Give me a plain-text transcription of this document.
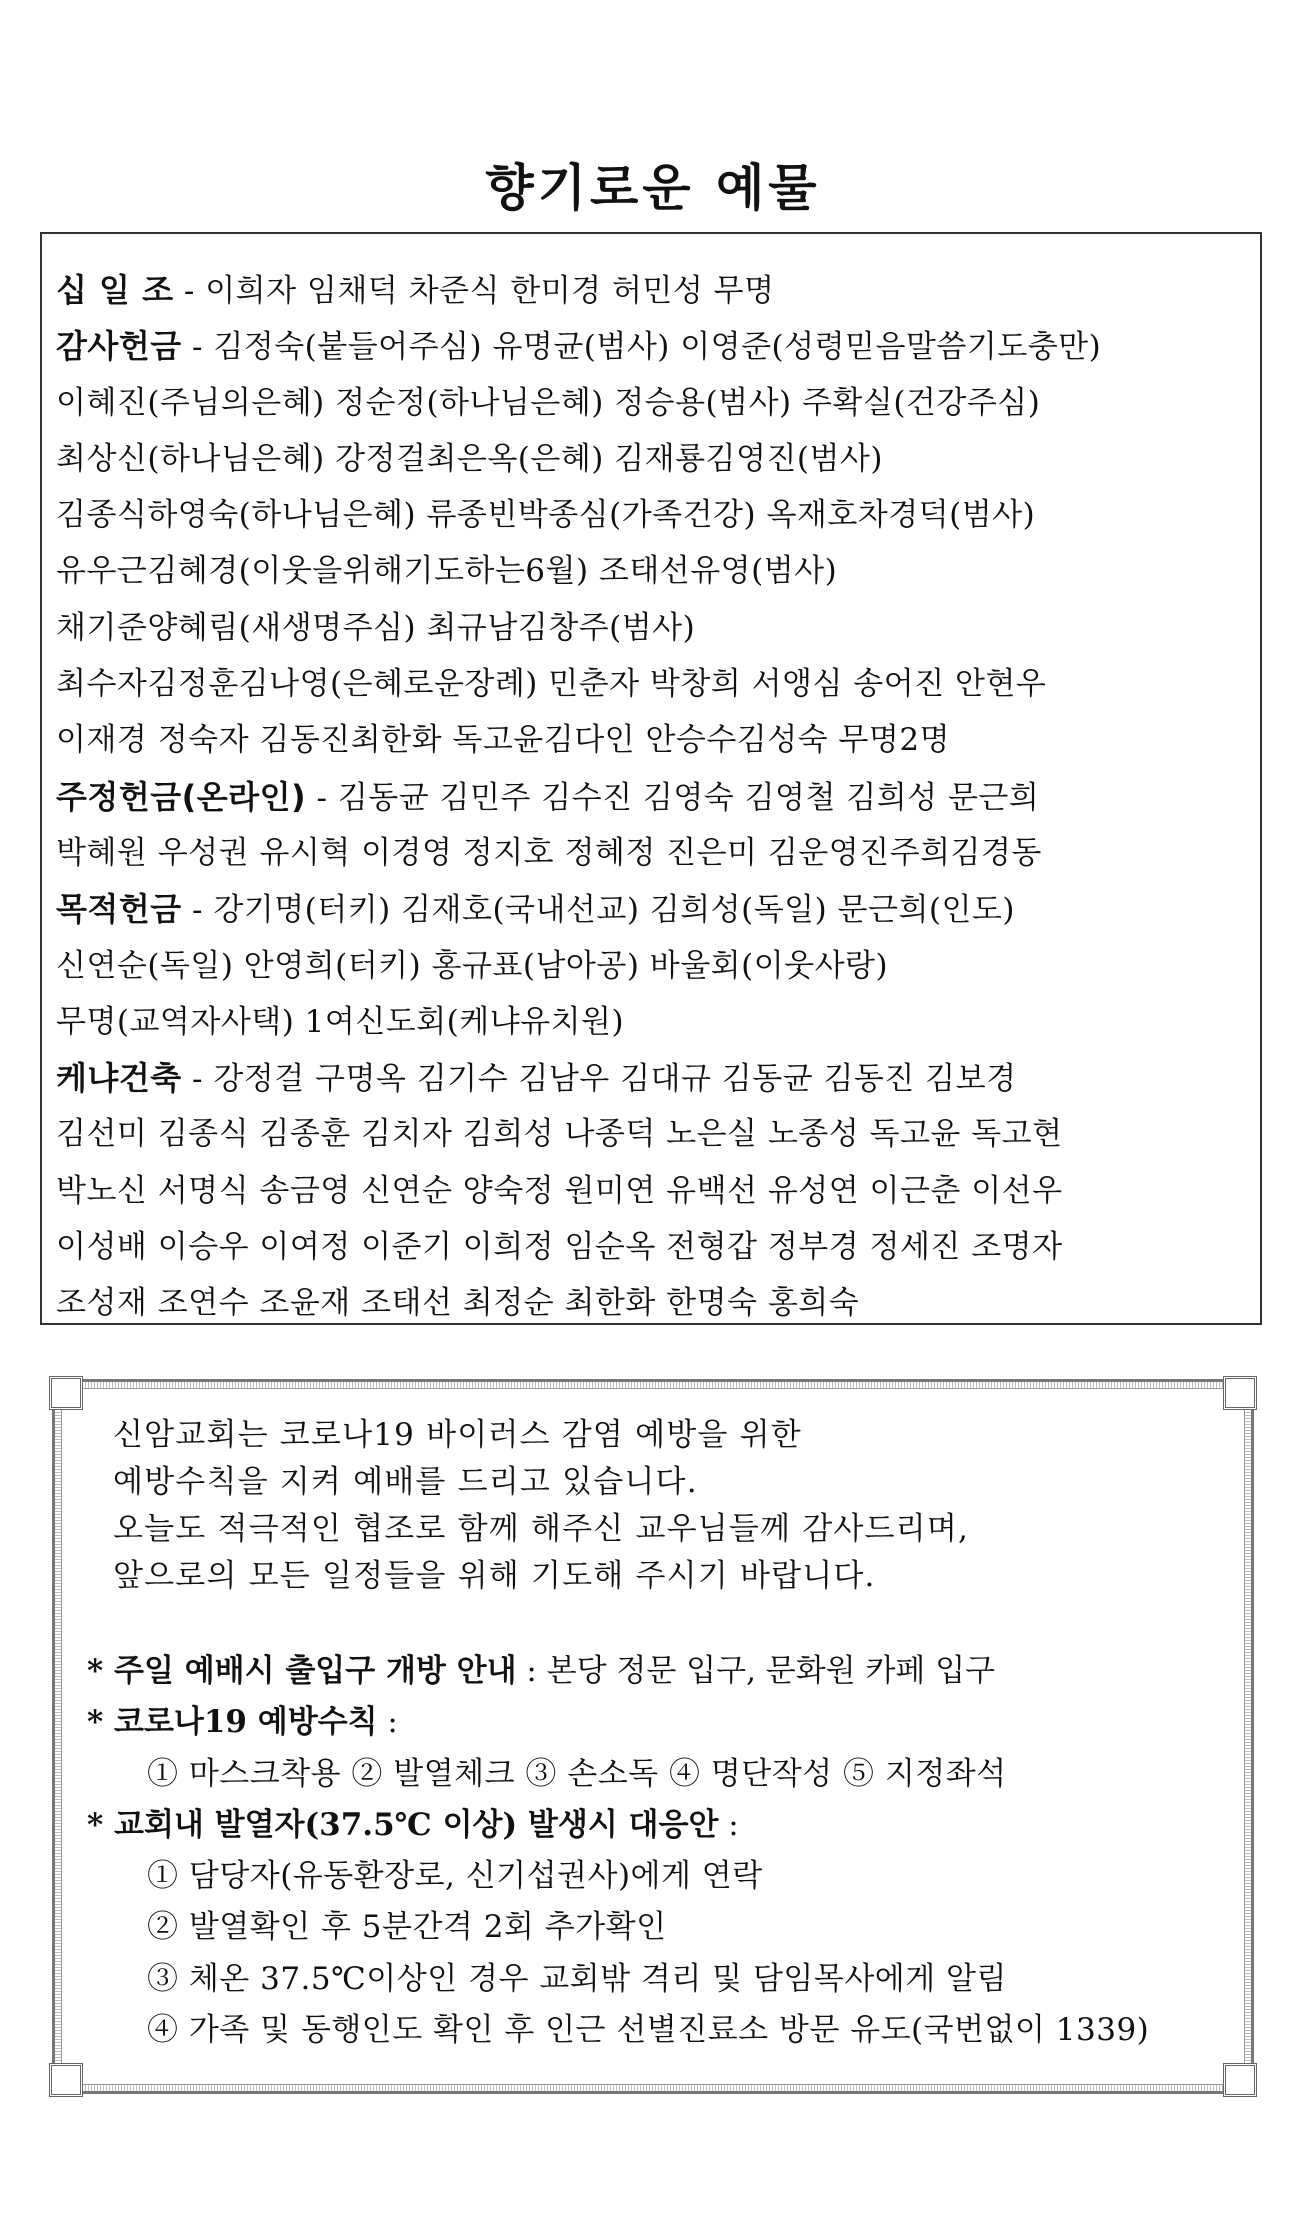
향기로운 예물
십 일 조 - 이희자 임채덕 차준식 한미경 허민성 무명
감사헌금 - 김정숙(붙들어주심) 유명균(범사) 이영준(성령믿음말씀기도충만)
이혜진(주님의은혜) 정순정(하나님은혜) 정승용(범사) 주확실(건강주심)
최상신(하나님은혜) 강정걸최은옥(은혜) 김재룡김영진(범사)
김종식하영숙(하나님은혜) 류종빈박종심(가족건강) 옥재호차경덕(범사)
유우근김혜경(이웃을위해기도하는6월) 조태선유영(범사)
채기준양혜림(새생명주심) 최규남김창주(범사)
최수자김정훈김나영(은혜로운장례) 민춘자 박창희 서앵심 송어진 안현우
이재경 정숙자 김동진최한화 독고윤김다인 안승수김성숙 무명2명
주정헌금(온라인) - 김동균 김민주 김수진 김영숙 김영철 김희성 문근희
박혜원 우성권 유시혁 이경영 정지호 정혜정 진은미 김운영진주희김경동
목적헌금 - 강기명(터키) 김재호(국내선교) 김희성(독일) 문근희(인도)
신연순(독일) 안영희(터키) 홍규표(남아공) 바울회(이웃사랑)
무명(교역자사택) 1여신도회(케냐유치원)
케냐건축 - 강정걸 구명옥 김기수 김남우 김대규 김동균 김동진 김보경
김선미 김종식 김종훈 김치자 김희성 나종덕 노은실 노종성 독고윤 독고현
박노신 서명식 송금영 신연순 양숙정 원미연 유백선 유성연 이근춘 이선우
이성배 이승우 이여정 이준기 이희정 임순옥 전형갑 정부경 정세진 조명자
조성재 조연수 조윤재 조태선 최정순 최한화 한명숙 홍희숙
신암교회는 코로나19 바이러스 감염 예방을 위한
예방수칙을 지켜 예배를 드리고 있습니다.
오늘도 적극적인 협조로 함께 해주신 교우님들께 감사드리며,
앞으로의 모든 일정들을 위해 기도해 주시기 바랍니다.
* 주일 예배시 출입구 개방 안내 : 본당 정문 입구, 문화원 카페 입구
* 코로나19 예방수칙 :
① 마스크착용 ② 발열체크 ③ 손소독 ④ 명단작성 ⑤ 지정좌석
* 교회내 발열자(37.5℃ 이상) 발생시 대응안 :
① 담당자(유동환장로, 신기섭권사)에게 연락
② 발열확인 후 5분간격 2회 추가확인
③ 체온 37.5℃이상인 경우 교회밖 격리 및 담임목사에게 알림
④ 가족 및 동행인도 확인 후 인근 선별진료소 방문 유도(국번없이 1339)
